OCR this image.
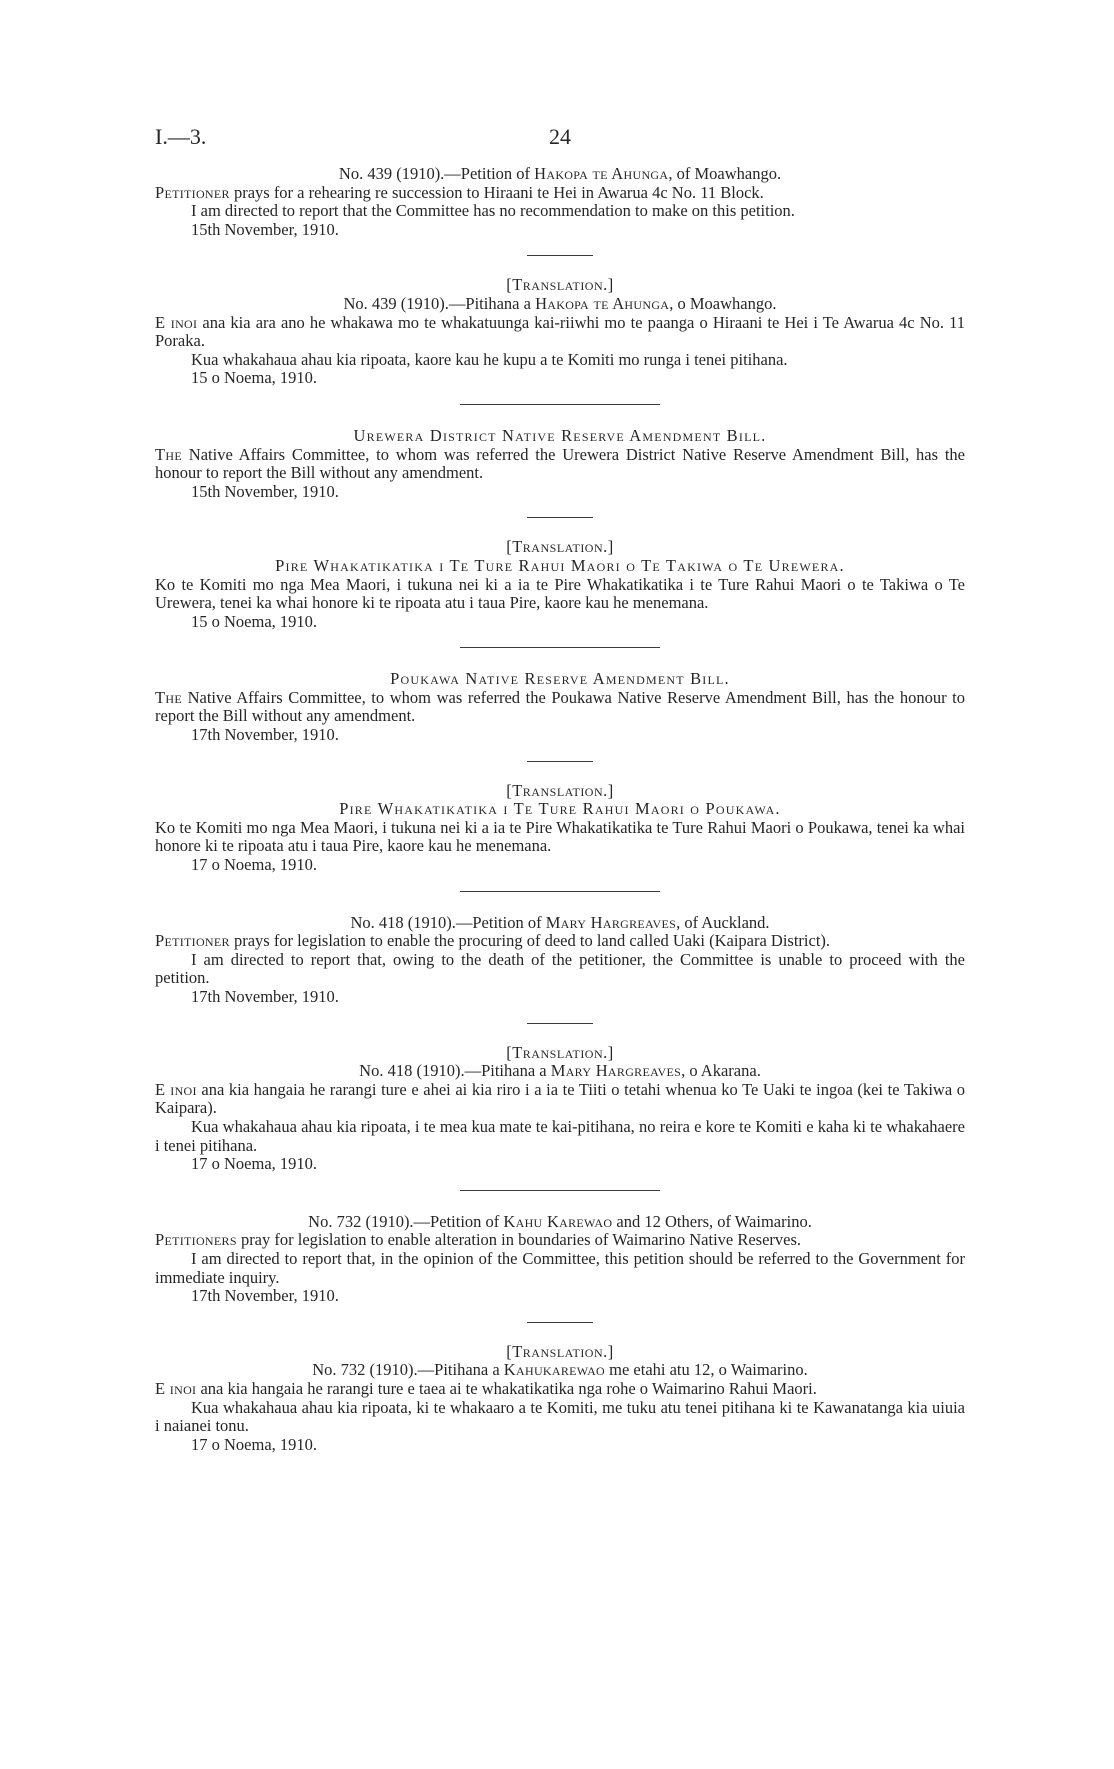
I.—3.	24
No. 439 (1910).—Petition of Hakopa te Ahunga, of Moawhango.
Petitioner prays for a rehearing re succession to Hiraani te Hei in Awarua 4c No. 11 Block.
I am directed to report that the Committee has no recommendation to make on this petition.
15th November, 1910.
[Translation.]
No. 439 (1910).—Pitihana a Hakopa te Ahunga, o Moawhango.
E inoi ana kia ara ano he whakawa mo te whakatuunga kai-riiwhi mo te paanga o Hiraani te Hei i Te Awarua 4c No. 11 Poraka.
Kua whakahaua ahau kia ripoata, kaore kau he kupu a te Komiti mo runga i tenei pitihana.
15 o Noema, 1910.
Urewera District Native Reserve Amendment Bill.
The Native Affairs Committee, to whom was referred the Urewera District Native Reserve Amendment Bill, has the honour to report the Bill without any amendment.
15th November, 1910.
[Translation.]
Pire Whakatikatika i Te Ture Rahui Maori o Te Takiwa o Te Urewera.
Ko te Komiti mo nga Mea Maori, i tukuna nei ki a ia te Pire Whakatikatika i te Ture Rahui Maori o te Takiwa o Te Urewera, tenei ka whai honore ki te ripoata atu i taua Pire, kaore kau he menemana.
15 o Noema, 1910.
Poukawa Native Reserve Amendment Bill.
The Native Affairs Committee, to whom was referred the Poukawa Native Reserve Amendment Bill, has the honour to report the Bill without any amendment.
17th November, 1910.
[Translation.]
Pire Whakatikatika i Te Ture Rahui Maori o Poukawa.
Ko te Komiti mo nga Mea Maori, i tukuna nei ki a ia te Pire Whakatikatika te Ture Rahui Maori o Poukawa, tenei ka whai honore ki te ripoata atu i taua Pire, kaore kau he menemana.
17 o Noema, 1910.
No. 418 (1910).—Petition of Mary Hargreaves, of Auckland.
Petitioner prays for legislation to enable the procuring of deed to land called Uaki (Kaipara District).
I am directed to report that, owing to the death of the petitioner, the Committee is unable to proceed with the petition.
17th November, 1910.
[Translation.]
No. 418 (1910).—Pitihana a Mary Hargreaves, o Akarana.
E inoi ana kia hangaia he rarangi ture e ahei ai kia riro i a ia te Tiiti o tetahi whenua ko Te Uaki te ingoa (kei te Takiwa o Kaipara).
Kua whakahaua ahau kia ripoata, i te mea kua mate te kai-pitihana, no reira e kore te Komiti e kaha ki te whakahaere i tenei pitihana.
17 o Noema, 1910.
No. 732 (1910).—Petition of Kahu Karewao and 12 Others, of Waimarino.
Petitioners pray for legislation to enable alteration in boundaries of Waimarino Native Reserves.
I am directed to report that, in the opinion of the Committee, this petition should be referred to the Government for immediate inquiry.
17th November, 1910.
[Translation.]
No. 732 (1910).—Pitihana a Kahukarewao me etahi atu 12, o Waimarino.
E inoi ana kia hangaia he rarangi ture e taea ai te whakatikatika nga rohe o Waimarino Rahui Maori.
Kua whakahaua ahau kia ripoata, ki te whakaaro a te Komiti, me tuku atu tenei pitihana ki te Kawanatanga kia uiuia i naianei tonu.
17 o Noema, 1910.
